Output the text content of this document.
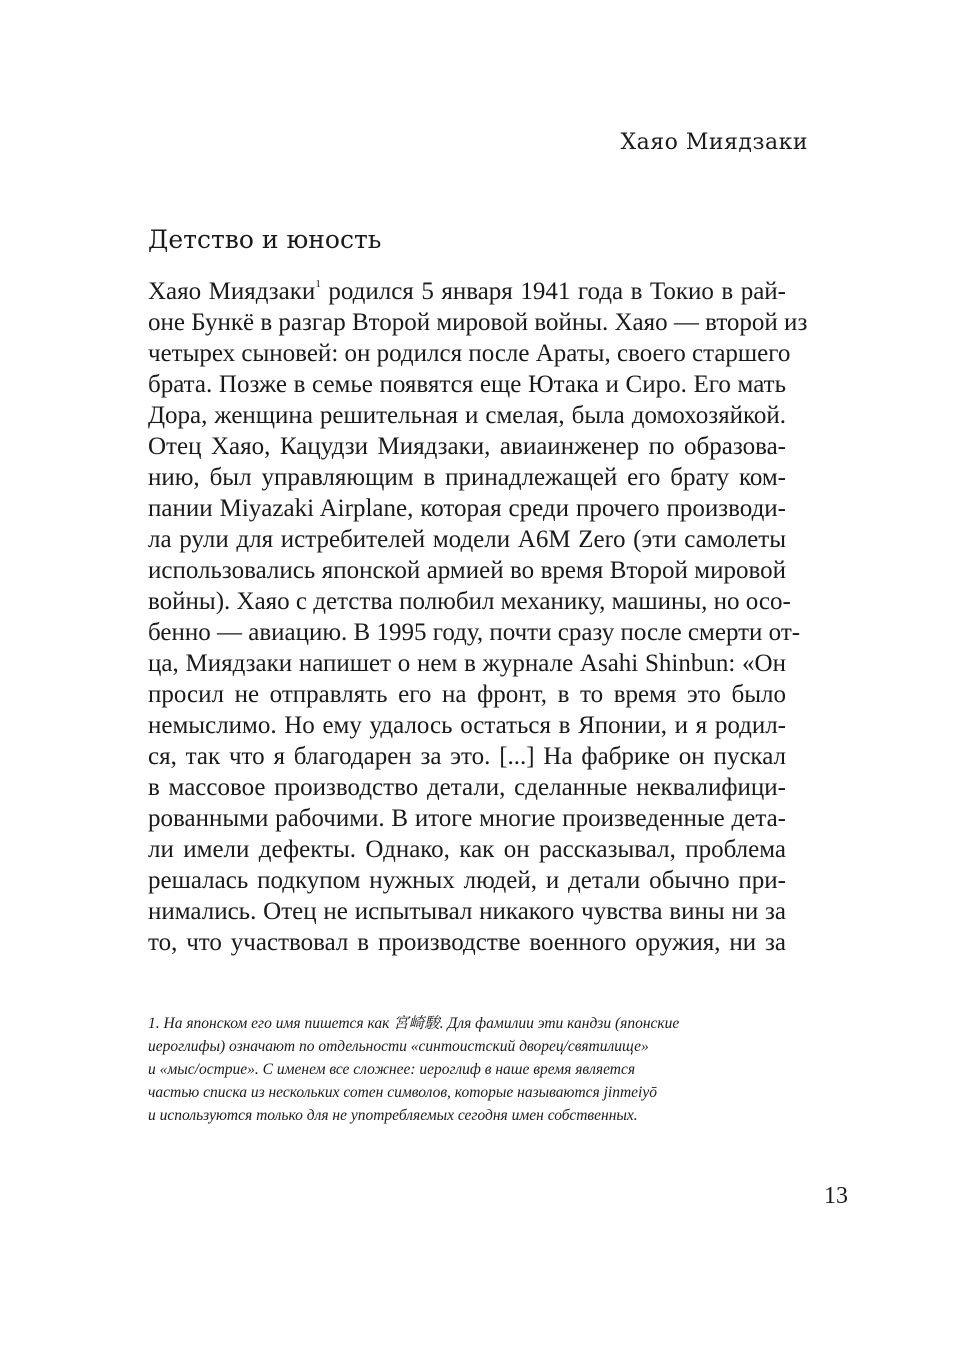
Хаяо Миядзаки
Детство и юность
Хаяо Миядзаки$^1$ родился 5 января 1941 года в Токио в рай-
оне Бункё в разгар Второй мировой войны. Хаяо — второй из
четырех сыновей: он родился после Араты, своего старшего
брата. Позже в семье появятся еще Ютака и Сиро. Его мать
Дора, женщина решительная и смелая, была домохозяйкой.
Отец Хаяо, Кацудзи Миядзаки, авиаинженер по образова-
нию, был управляющим в принадлежащей его брату ком-
пании Miyazaki Airplane, которая среди прочего производи-
ла рули для истребителей модели А6М Zero (эти самолеты
использовались японской армией во время Второй мировой
войны). Хаяо с детства полюбил механику, машины, но осо-
бенно — авиацию. В 1995 году, почти сразу после смерти от-
ца, Миядзаки напишет о нем в журнале Asahi Shinbun: «Он
просил не отправлять его на фронт, в то время это было
немыслимо. Но ему удалось остаться в Японии, и я родил-
ся, так что я благодарен за это. [...] На фабрике он пускал
в массовое производство детали, сделанные неквалифици-
рованными рабочими. В итоге многие произведенные дета-
ли имели дефекты. Однако, как он рассказывал, проблема
решалась подкупом нужных людей, и детали обычно при-
нимались. Отец не испытывал никакого чувства вины ни за
то, что участвовал в производстве военного оружия, ни за
1. На японском его имя пишется как 宮崎駿. Для фамилии эти кандзи (японские
иероглифы) означают по отдельности «синтоистский дворец/святилище»
и «мыс/острие». С именем все сложнее: иероглиф в наше время является
частью списка из нескольких сотен символов, которые называются jinmeiyō
и используются только для не употребляемых сегодня имен собственных.
13
